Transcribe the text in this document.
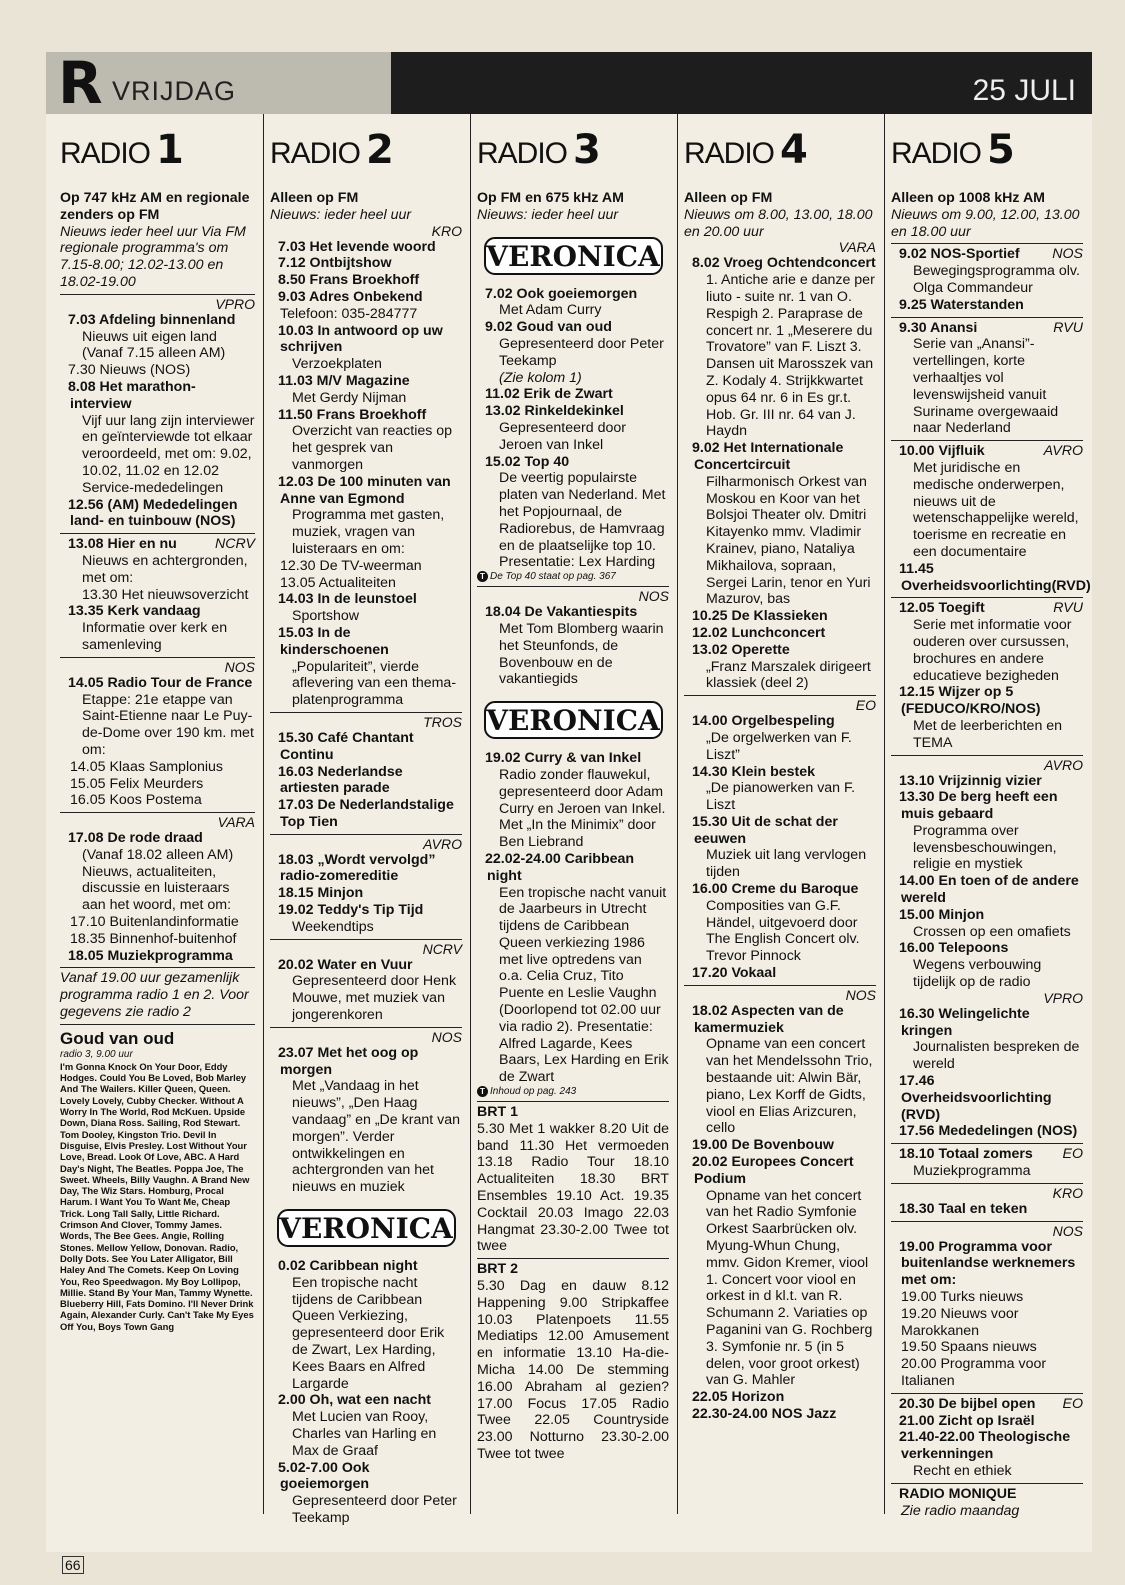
R VRIJDAG	25 JULI
RADIO 1
Op 747 kHz AM en regionale zenders op FM
Nieuws ieder heel uur Via FM regionale programma's om 7.15-8.00; 12.02-13.00 en 18.02-19.00
VPRO
7.03 Afdeling binnenland
Nieuws uit eigen land (Vanaf 7.15 alleen AM)
7.30 Nieuws (NOS)
8.08 Het marathon-interview
Vijf uur lang zijn interviewer en geïnterviewde tot elkaar veroordeeld, met om: 9.02, 10.02, 11.02 en 12.02 Service-mededelingen
12.56 (AM) Mededelingen land- en tuinbouw (NOS)
13.08 Hier en nu	NCRV
Nieuws en achtergronden, met om:
13.30 Het nieuwsoverzicht
13.35 Kerk vandaag
Informatie over kerk en samenleving
NOS
14.05 Radio Tour de France
Etappe: 21e etappe van Saint-Etienne naar Le Puy-de-Dome over 190 km. met om:
14.05 Klaas Samplonius
15.05 Felix Meurders
16.05 Koos Postema
VARA
17.08 De rode draad
(Vanaf 18.02 alleen AM) Nieuws, actualiteiten, discussie en luisteraars aan het woord, met om:
17.10 Buitenlandinformatie
18.35 Binnenhof-buitenhof
18.05 Muziekprogramma
Vanaf 19.00 uur gezamenlijk programma radio 1 en 2. Voor gegevens zie radio 2
Goud van oud
radio 3, 9.00 uur
I'm Gonna Knock On Your Door, Eddy Hodges. Could You Be Loved, Bob Marley And The Wailers. Killer Queen, Queen. Lovely Lovely, Cubby Checker. Without A Worry In The World, Rod McKuen. Upside Down, Diana Ross. Sailing, Rod Stewart. Tom Dooley, Kingston Trio. Devil In Disguise, Elvis Presley. Lost Without Your Love, Bread. Look Of Love, ABC. A Hard Day's Night, The Beatles. Poppa Joe, The Sweet. Wheels, Billy Vaughn. A Brand New Day, The Wiz Stars. Homburg, Procal Harum. I Want You To Want Me, Cheap Trick. Long Tall Sally, Little Richard. Crimson And Clover, Tommy James. Words, The Bee Gees. Angie, Rolling Stones. Mellow Yellow, Donovan. Radio, Dolly Dots. See You Later Alligator, Bill Haley And The Comets. Keep On Loving You, Reo Speedwagon. My Boy Lollipop, Millie. Stand By Your Man, Tammy Wynette. Blueberry Hill, Fats Domino. I'll Never Drink Again, Alexander Curly. Can't Take My Eyes Off You, Boys Town Gang
RADIO 2
Alleen op FM
Nieuws: ieder heel uur
KRO
7.03 Het levende woord
7.12 Ontbijtshow
8.50 Frans Broekhoff
9.03 Adres Onbekend
Telefoon: 035-284777
10.03 In antwoord op uw schrijven
Verzoekplaten
11.03 M/V Magazine
Met Gerdy Nijman
11.50 Frans Broekhoff
Overzicht van reacties op het gesprek van vanmorgen
12.03 De 100 minuten van Anne van Egmond
Programma met gasten, muziek, vragen van luisteraars en om:
12.30 De TV-weerman
13.05 Actualiteiten
14.03 In de leunstoel
Sportshow
15.03 In de kinderschoenen
„Populariteit”, vierde aflevering van een thema-platenprogramma
TROS
15.30 Café Chantant Continu
16.03 Nederlandse artiesten parade
17.03 De Nederlandstalige Top Tien
AVRO
18.03 „Wordt vervolgd” radio-zomereditie
18.15 Minjon
19.02 Teddy's Tip Tijd
Weekendtips
NCRV
20.02 Water en Vuur
Gepresenteerd door Henk Mouwe, met muziek van jongerenkoren
NOS
23.07 Met het oog op morgen
Met „Vandaag in het nieuws”, „Den Haag vandaag” en „De krant van morgen”. Verder ontwikkelingen en achtergronden van het nieuws en muziek
VERONICA
0.02 Caribbean night
Een tropische nacht tijdens de Caribbean Queen Verkiezing, gepresenteerd door Erik de Zwart, Lex Harding, Kees Baars en Alfred Largarde
2.00 Oh, wat een nacht
Met Lucien van Rooy, Charles van Harling en Max de Graaf
5.02-7.00 Ook goeiemorgen
Gepresenteerd door Peter Teekamp
RADIO 3
Op FM en 675 kHz AM
Nieuws: ieder heel uur
VERONICA
7.02 Ook goeiemorgen
Met Adam Curry
9.02 Goud van oud
Gepresenteerd door Peter Teekamp
(Zie kolom 1)
11.02 Erik de Zwart
13.02 Rinkeldekinkel
Gepresenteerd door Jeroen van Inkel
15.02 Top 40
De veertig populairste platen van Nederland. Met het Popjournaal, de Radiorebus, de Hamvraag en de plaatselijke top 10. Presentatie: Lex Harding
T De Top 40 staat op pag. 367
NOS
18.04 De Vakantiespits
Met Tom Blomberg waarin het Steunfonds, de Bovenbouw en de vakantiegids
VERONICA
19.02 Curry & van Inkel
Radio zonder flauwekul, gepresenteerd door Adam Curry en Jeroen van Inkel. Met „In the Minimix” door Ben Liebrand
22.02-24.00 Caribbean night
Een tropische nacht vanuit de Jaarbeurs in Utrecht tijdens de Caribbean Queen verkiezing 1986 met live optredens van o.a. Celia Cruz, Tito Puente en Leslie Vaughn (Doorlopend tot 02.00 uur via radio 2). Presentatie: Alfred Lagarde, Kees Baars, Lex Harding en Erik de Zwart
T Inhoud op pag. 243
BRT 1
5.30 Met 1 wakker 8.20 Uit de band 11.30 Het vermoeden 13.18 Radio Tour 18.10 Actualiteiten 18.30 BRT Ensembles 19.10 Act. 19.35 Cocktail 20.03 Imago 22.03 Hangmat 23.30-2.00 Twee tot twee
BRT 2
5.30 Dag en dauw 8.12 Happening 9.00 Stripkaffee 10.03 Platenpoets 11.55 Mediatips 12.00 Amusement en informatie 13.10 Ha-die-Micha 14.00 De stemming 16.00 Abraham al gezien? 17.00 Focus 17.05 Radio Twee 22.05 Countryside 23.00 Notturno 23.30-2.00 Twee tot twee
RADIO 4
Alleen op FM
Nieuws om 8.00, 13.00, 18.00 en 20.00 uur
VARA
8.02 Vroeg Ochtendconcert
1. Antiche arie e danze per liuto - suite nr. 1 van O. Respigh 2. Paraprase de concert nr. 1 „Meserere du Trovatore” van F. Liszt 3. Dansen uit Marosszek van Z. Kodaly 4. Strijkkwartet opus 64 nr. 6 in Es gr.t. Hob. Gr. III nr. 64 van J. Haydn
9.02 Het Internationale Concertcircuit
Filharmonisch Orkest van Moskou en Koor van het Bolsjoi Theater olv. Dmitri Kitayenko mmv. Vladimir Krainev, piano, Nataliya Mikhailova, sopraan, Sergei Larin, tenor en Yuri Mazurov, bas
10.25 De Klassieken
12.02 Lunchconcert
13.02 Operette
„Franz Marszalek dirigeert klassiek (deel 2)
EO
14.00 Orgelbespeling
„De orgelwerken van F. Liszt”
14.30 Klein bestek
„De pianowerken van F. Liszt
15.30 Uit de schat der eeuwen
Muziek uit lang vervlogen tijden
16.00 Creme du Baroque
Composities van G.F. Händel, uitgevoerd door The English Concert olv. Trevor Pinnock
17.20 Vokaal
NOS
18.02 Aspecten van de kamermuziek
Opname van een concert van het Mendelssohn Trio, bestaande uit: Alwin Bär, piano, Lex Korff de Gidts, viool en Elias Arizcuren, cello
19.00 De Bovenbouw
20.02 Europees Concert Podium
Opname van het concert van het Radio Symfonie Orkest Saarbrücken olv. Myung-Whun Chung, mmv. Gidon Kremer, viool 1. Concert voor viool en orkest in d kl.t. van R. Schumann 2. Variaties op Paganini van G. Rochberg 3. Symfonie nr. 5 (in 5 delen, voor groot orkest) van G. Mahler
22.05 Horizon
22.30-24.00 NOS Jazz
RADIO 5
Alleen op 1008 kHz AM
Nieuws om 9.00, 12.00, 13.00 en 18.00 uur
9.02 NOS-Sportief NOS
Bewegingsprogramma olv. Olga Commandeur
9.25 Waterstanden
9.30 Anansi	RVU
Serie van „Anansi”-vertellingen, korte verhaaltjes vol levenswijsheid vanuit Suriname overgewaaid naar Nederland
10.00 Vijfluik	AVRO
Met juridische en medische onderwerpen, nieuws uit de wetenschappelijke wereld, toerisme en recreatie en een documentaire
11.45 Overheidsvoorlichting(RVD)
12.05 Toegift	RVU
Serie met informatie voor ouderen over cursussen, brochures en andere educatieve bezigheden
12.15 Wijzer op 5 (FEDUCO/KRO/NOS)
Met de leerberichten en TEMA
AVRO
13.10 Vrijzinnig vizier
13.30 De berg heeft een muis gebaard
Programma over levensbeschouwingen, religie en mystiek
14.00 En toen of de andere wereld
15.00 Minjon
Crossen op een omafiets
16.00 Telepoons
Wegens verbouwing tijdelijk op de radio
VPRO
16.30 Welingelichte kringen
Journalisten bespreken de wereld
17.46 Overheidsvoorlichting (RVD)
17.56 Mededelingen (NOS)
18.10 Totaal zomers EO
Muziekprogramma
KRO
18.30 Taal en teken
NOS
19.00 Programma voor buitenlandse werknemers met om:
19.00 Turks nieuws
19.20 Nieuws voor Marokkanen
19.50 Spaans nieuws
20.00 Programma voor Italianen
20.30 De bijbel open EO
21.00 Zicht op Israël
21.40-22.00 Theologische verkenningen
Recht en ethiek
RADIO MONIQUE
Zie radio maandag
66
